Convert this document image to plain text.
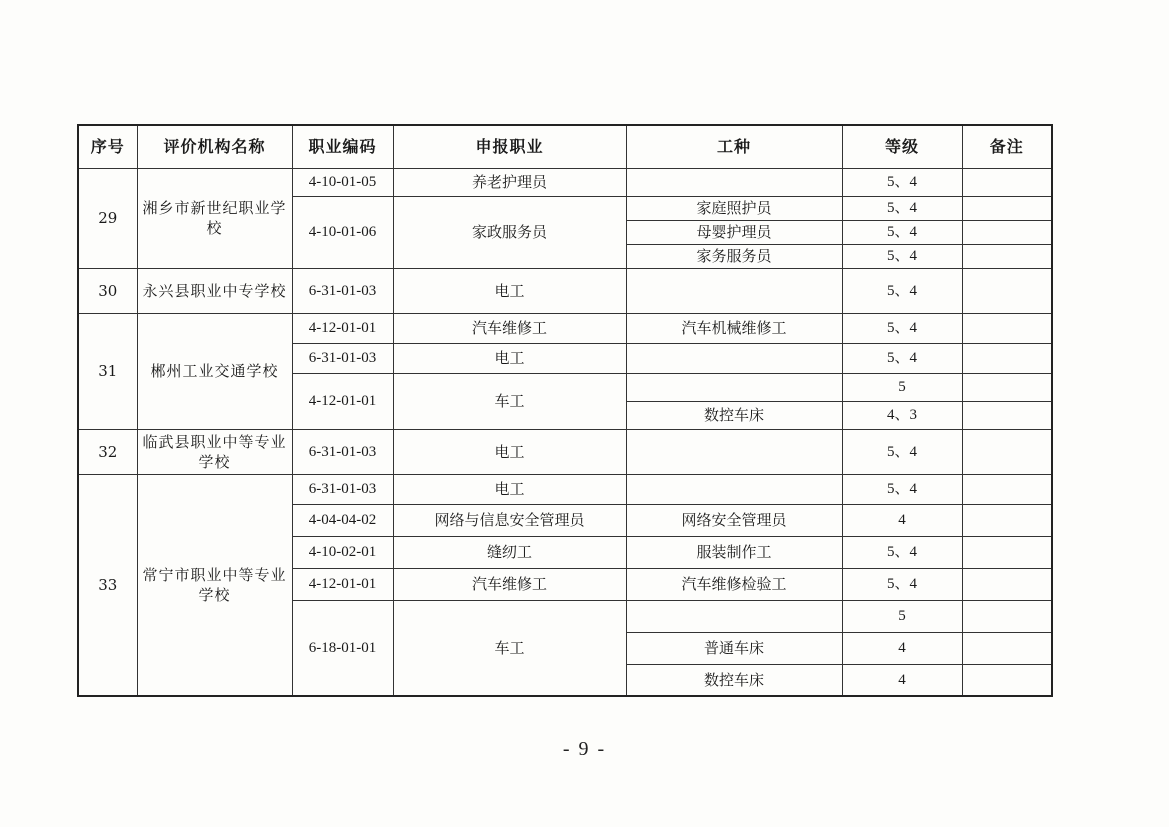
序号	评价机构名称	职业编码	申报职业	工种	等级	备注
29	湘乡市新世纪职业学校	4-10-01-05	养老护理员		5、4	
		4-10-01-06	家政服务员	家庭照护员	5、4	
				母婴护理员	5、4	
				家务服务员	5、4	
30	永兴县职业中专学校	6-31-01-03	电工		5、4	
31	郴州工业交通学校	4-12-01-01	汽车维修工	汽车机械维修工	5、4	
		6-31-01-03	电工		5、4	
		4-12-01-01	车工		5	
				数控车床	4、3	
32	临武县职业中等专业学校	6-31-01-03	电工		5、4	
33	常宁市职业中等专业学校	6-31-01-03	电工		5、4	
		4-04-04-02	网络与信息安全管理员	网络安全管理员	4	
		4-10-02-01	缝纫工	服装制作工	5、4	
		4-12-01-01	汽车维修工	汽车维修检验工	5、4	
		6-18-01-01	车工		5	
				普通车床	4	
				数控车床	4	
- 9 -
